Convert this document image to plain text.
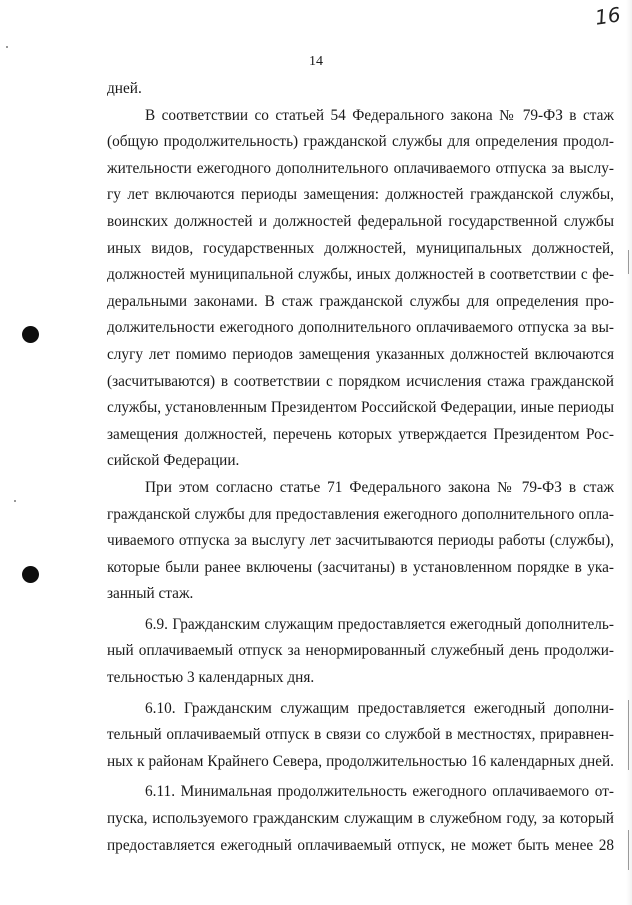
16
14
дней.
В соответствии со статьей 54 Федерального закона № 79-ФЗ в стаж
(общую продолжительность) гражданской службы для определения продол-
жительности ежегодного дополнительного оплачиваемого отпуска за выслу-
гу лет включаются периоды замещения: должностей гражданской службы,
воинских должностей и должностей федеральной государственной службы
иных видов, государственных должностей, муниципальных должностей,
должностей муниципальной службы, иных должностей в соответствии с фе-
деральными законами. В стаж гражданской службы для определения про-
должительности ежегодного дополнительного оплачиваемого отпуска за вы-
слугу лет помимо периодов замещения указанных должностей включаются
(засчитываются) в соответствии с порядком исчисления стажа гражданской
службы, установленным Президентом Российской Федерации, иные периоды
замещения должностей, перечень которых утверждается Президентом Рос-
сийской Федерации.
При этом согласно статье 71 Федерального закона № 79-ФЗ в стаж
гражданской службы для предоставления ежегодного дополнительного опла-
чиваемого отпуска за выслугу лет засчитываются периоды работы (службы),
которые были ранее включены (засчитаны) в установленном порядке в ука-
занный стаж.
6.9. Гражданским служащим предоставляется ежегодный дополнитель-
ный оплачиваемый отпуск за ненормированный служебный день продолжи-
тельностью 3 календарных дня.
6.10. Гражданским служащим предоставляется ежегодный дополни-
тельный оплачиваемый отпуск в связи со службой в местностях, приравнен-
ных к районам Крайнего Севера, продолжительностью 16 календарных дней.
6.11. Минимальная продолжительность ежегодного оплачиваемого от-
пуска, используемого гражданским служащим в служебном году, за который
предоставляется ежегодный оплачиваемый отпуск, не может быть менее 28
